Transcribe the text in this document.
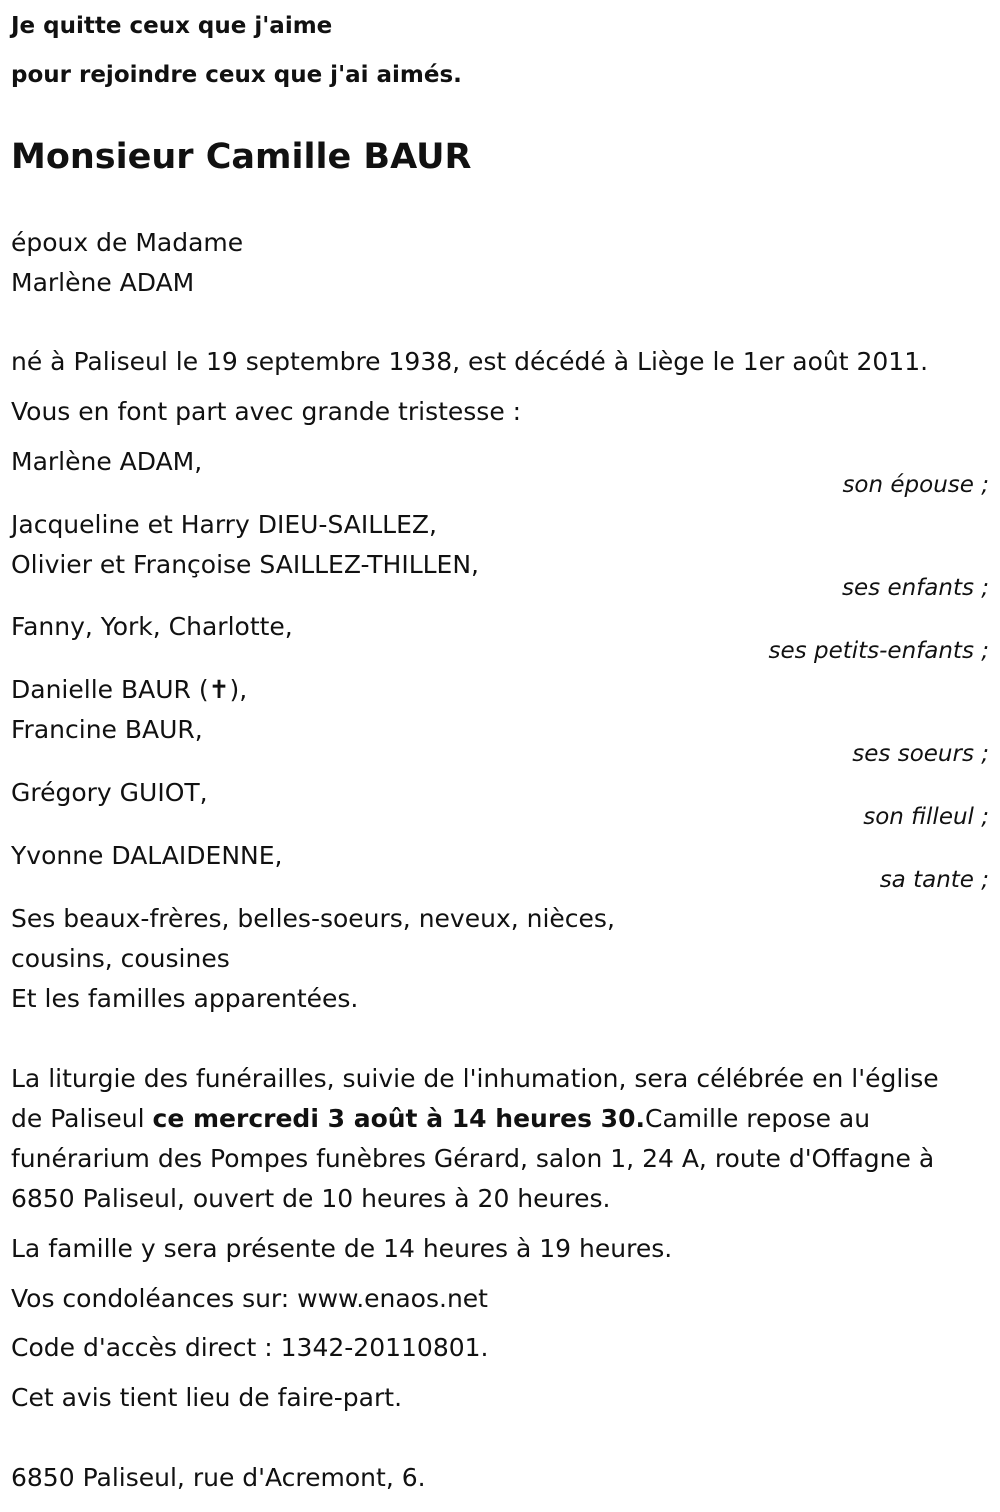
Je quitte ceux que j'aime
pour rejoindre ceux que j'ai aimés.
Monsieur Camille BAUR
époux de Madame
Marlène ADAM
né à Paliseul le 19 septembre 1938, est décédé à Liège le 1er août 2011.
Vous en font part avec grande tristesse :
Marlène ADAM,
son épouse ;
Jacqueline et Harry DIEU-SAILLEZ,
Olivier et Françoise SAILLEZ-THILLEN,
ses enfants ;
Fanny, York, Charlotte,
ses petits-enfants ;
Danielle BAUR (✝),
Francine BAUR,
ses soeurs ;
Grégory GUIOT,
son filleul ;
Yvonne DALAIDENNE,
sa tante ;
Ses beaux-frères, belles-soeurs, neveux, nièces,
cousins, cousines
Et les familles apparentées.
La liturgie des funérailles, suivie de l'inhumation, sera célébrée en l'église
de Paliseul ce mercredi 3 août à 14 heures 30.Camille repose au
funérarium des Pompes funèbres Gérard, salon 1, 24 A, route d'Offagne à
6850 Paliseul, ouvert de 10 heures à 20 heures.
La famille y sera présente de 14 heures à 19 heures.
Vos condoléances sur: www.enaos.net
Code d'accès direct : 1342-20110801.
Cet avis tient lieu de faire-part.
6850 Paliseul, rue d'Acremont, 6.
